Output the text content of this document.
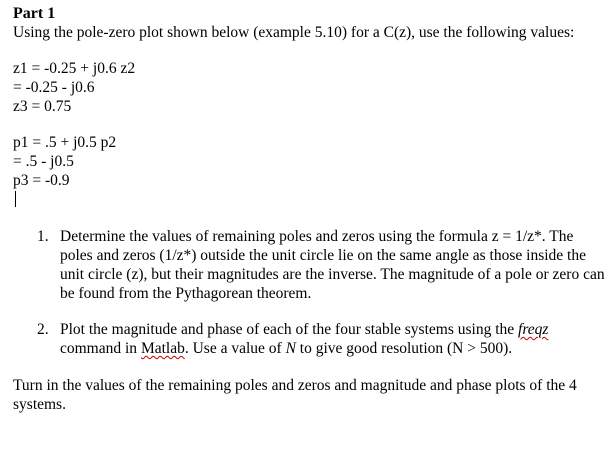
Part 1

Using the pole-zero plot shown below (example 5.10) for a C(z), use the following values:

z1 = -0.25 + j0.6 z2
= -0.25 - j0.6
z3 = 0.75
p1 = .5 + j0.5 p2
= .5 - j0.5
p3 = -0.9
1. Determine the values of remaining poles and zeros using the formula z = 1/z*. The poles and zeros (1/z*) outside the unit circle lie on the same angle as those inside the unit circle (z), but their magnitudes are the inverse. The magnitude of a pole or zero can be found from the Pythagorean theorem.
2. Plot the magnitude and phase of each of the four stable systems using the freqz command in Matlab. Use a value of N to give good resolution (N > 500).

Turn in the values of the remaining poles and zeros and magnitude and phase plots of the 4 systems.
